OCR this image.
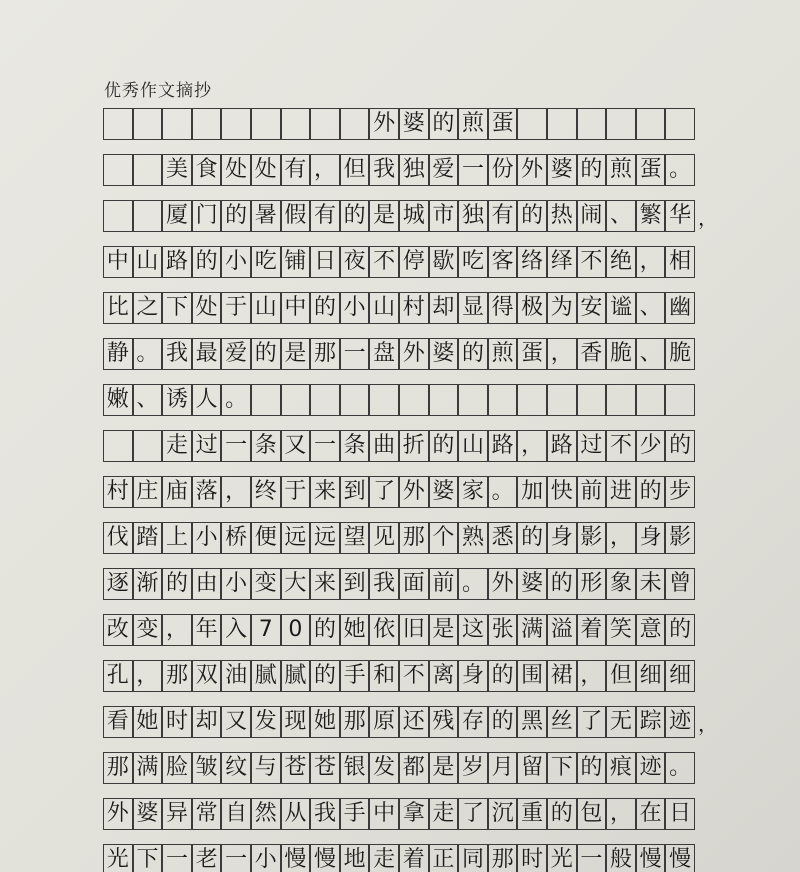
优秀作文摘抄
外 婆 的 煎 蛋
美 食 处 处 有 ， 但 我 独 爱 一 份 外 婆 的 煎 蛋 。
厦 门 的 暑 假 有 的 是 城 市 独 有 的 热 闹 、 繁 华
中 山 路 的 小 吃 铺 日 夜 不 停 歇 吃 客 络 绎 不 绝 ， 相
比 之 下 处 于 山 中 的 小 山 村 却 显 得 极 为 安 谧 、 幽
静 。 我 最 爱 的 是 那 一 盘 外 婆 的 煎 蛋 ， 香 脆 、 脆
嫩 、 诱 人 。
走 过 一 条 又 一 条 曲 折 的 山 路 ， 路 过 不 少 的
村 庄 庙 落 ， 终 于 来 到 了 外 婆 家 。 加 快 前 进 的 步
伐 踏 上 小 桥 便 远 远 望 见 那 个 熟 悉 的 身 影 ， 身 影
逐 渐 的 由 小 变 大 来 到 我 面 前 。 外 婆 的 形 象 未 曾
改 变 ， 年 入 7 0 的 她 依 旧 是 这 张 满 溢 着 笑 意 的
孔 ， 那 双 油 腻 腻 的 手 和 不 离 身 的 围 裙 ， 但 细 细
看 她 时 却 又 发 现 她 那 原 还 残 存 的 黑 丝 了 无 踪 迹
那 满 脸 皱 纹 与 苍 苍 银 发 都 是 岁 月 留 下 的 痕 迹 。
外 婆 异 常 自 然 从 我 手 中 拿 走 了 沉 重 的 包 ， 在 日
光 下 一 老 一 小 慢 慢 地 走 着 正 同 那 时 光 一 般 慢 慢
，
，
